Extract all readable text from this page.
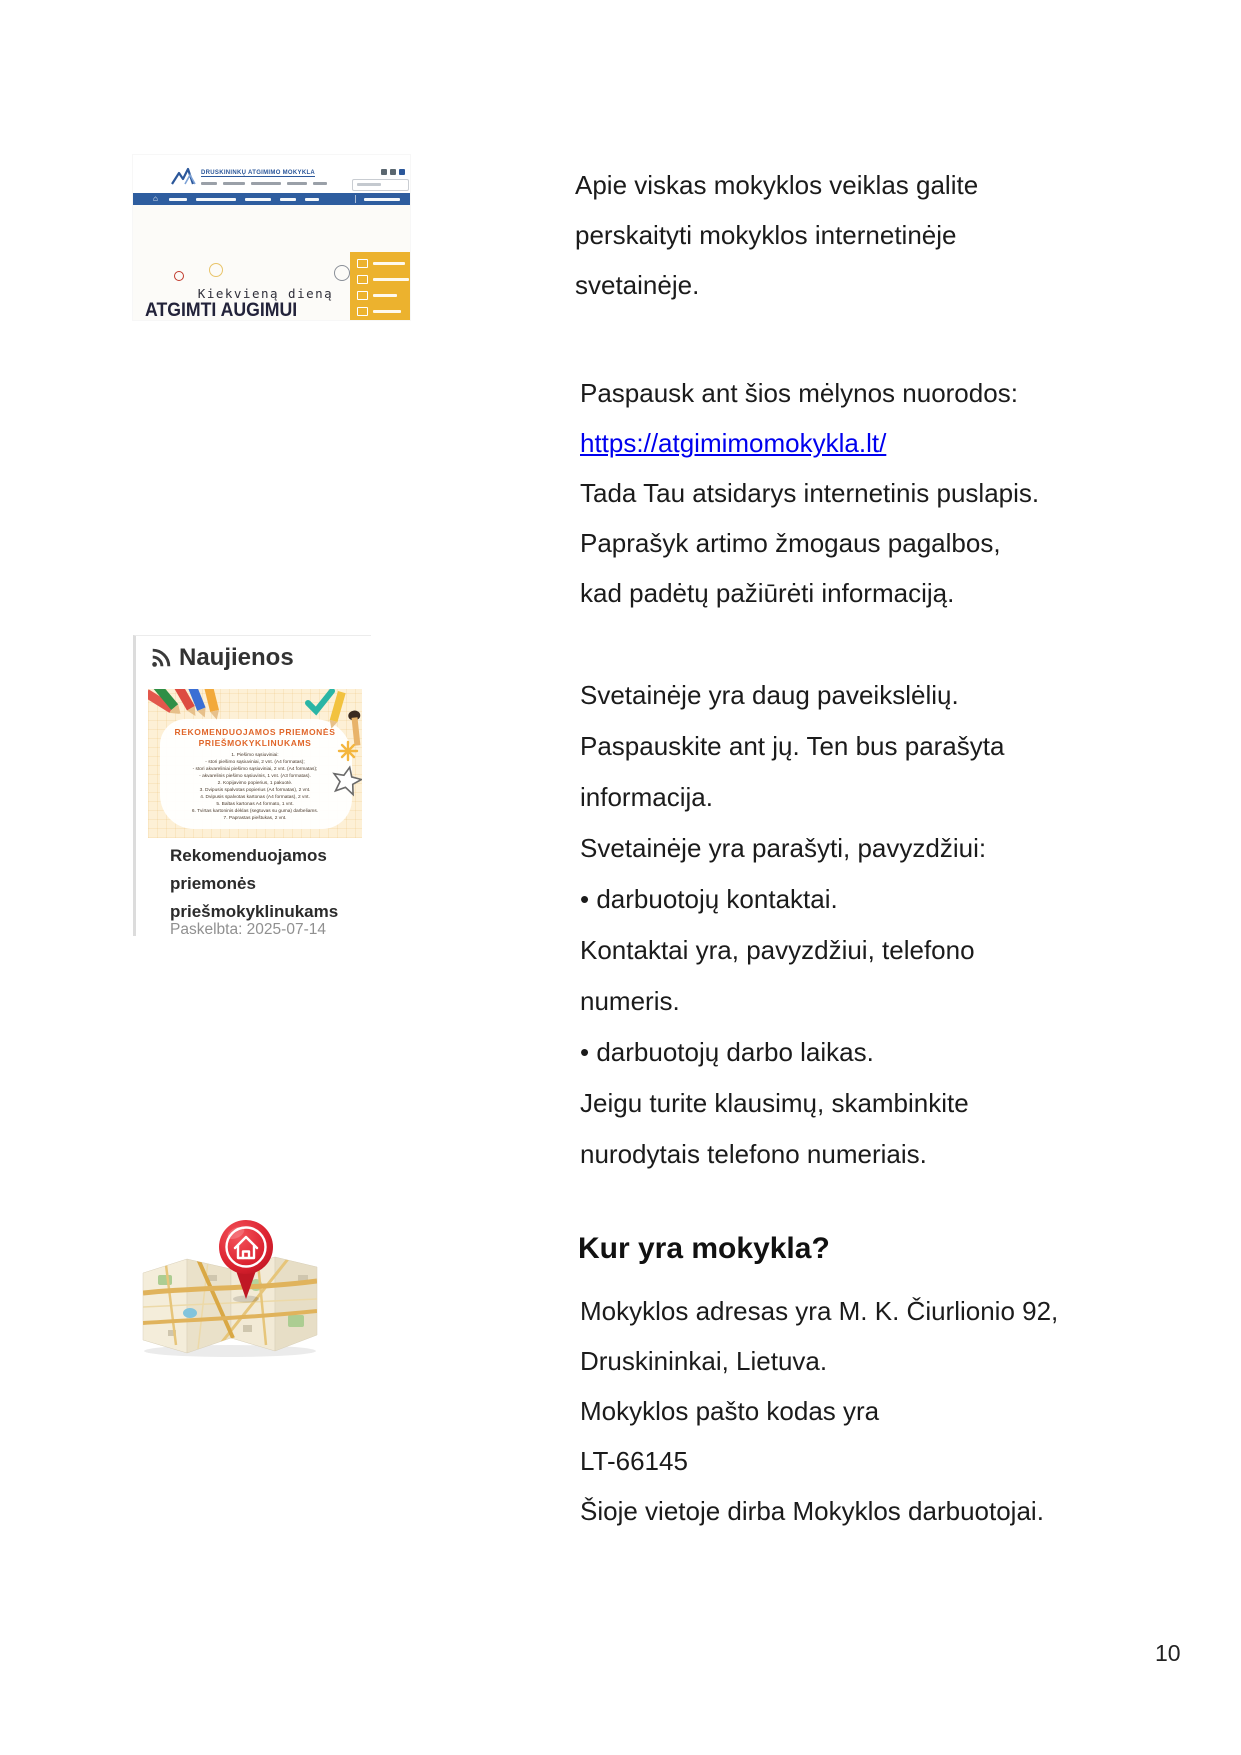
DRUSKININKŲ ATGIMIMO MOKYKLA
⌂
Kiekvieną dieną
ATGIMTI AUGIMUI
Apie viskas mokyklos veiklas galite
perskaityti mokyklos internetinėje
svetainėje.
Paspausk ant šios mėlynos nuorodos:
https://atgimimomokykla.lt/
Tada Tau atsidarys internetinis puslapis.
Paprašyk artimo žmogaus pagalbos,
kad padėtų pažiūrėti informaciją.
Naujienos
REKOMENDUOJAMOS PRIEMONĖS
PRIEŠMOKYKLINUKAMS
1. Piešimo sąsiuviniai:
- stori piešimo sąsiuviniai, 2 vnt. (A4 formatas);
- stori akvareliniai piešimo sąsiuviniai, 2 vnt. (A4 formatas);
- akvarelinis piešimo sąsiuvinis, 1 vnt. (A3 formatas).
2. Kopijavimo popierius, 1 pakuotė.
3. Dvipusis spalvotas popierius (A4 formatas), 2 vnt.
4. Dvipusis spalvotas kartonas (A4 formatas), 2 vnt.
5. Baltas kartonas A4 formato, 1 vnt.
6. Tvirtas kartoninis dėklas (segtuvas su guma) darbeliams.
7. Paprastas pieštukas, 2 vnt.
Rekomenduojamos
priemonės
priešmokyklinukams
Paskelbta: 2025-07-14
Svetainėje yra daug paveikslėlių.
Paspauskite ant jų. Ten bus parašyta
informacija.
Svetainėje yra parašyti, pavyzdžiui:
• darbuotojų kontaktai.
Kontaktai yra, pavyzdžiui, telefono
numeris.
• darbuotojų darbo laikas.
Jeigu turite klausimų, skambinkite
nurodytais telefono numeriais.
Kur yra mokykla?
Mokyklos adresas yra M. K. Čiurlionio 92,
Druskininkai, Lietuva.
Mokyklos pašto kodas yra
LT-66145
Šioje vietoje dirba Mokyklos darbuotojai.
10
